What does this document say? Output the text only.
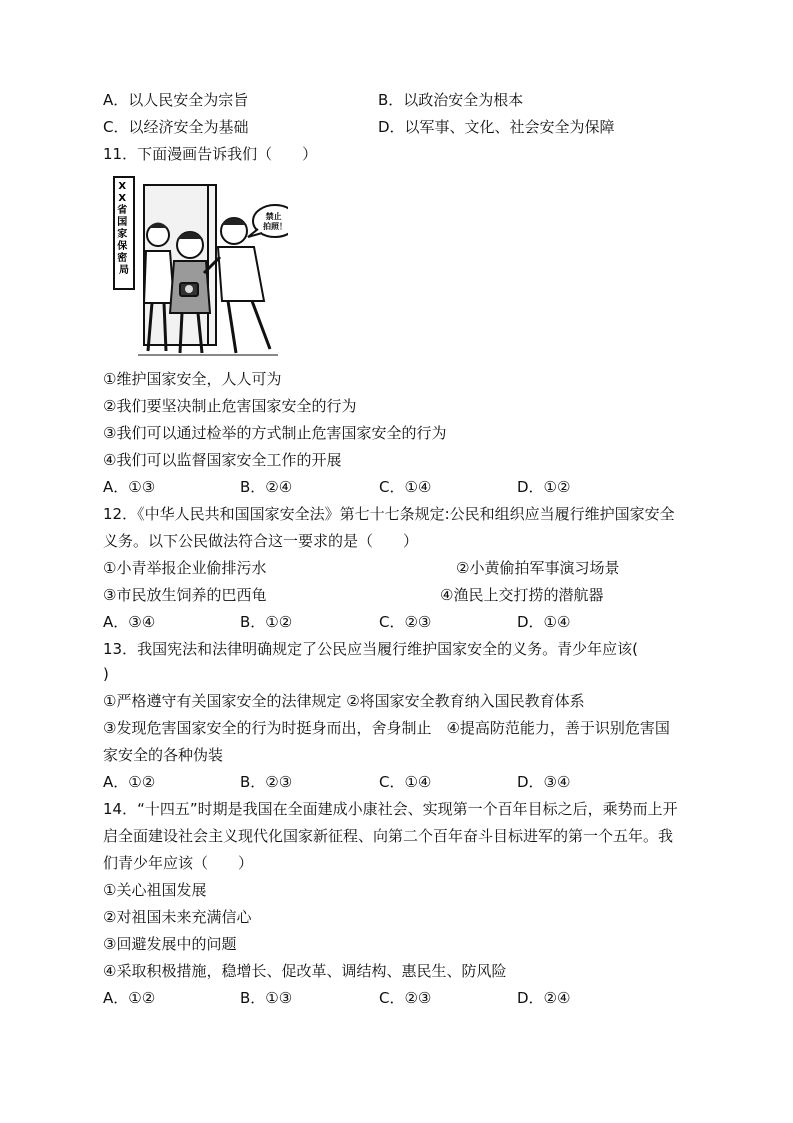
A．以人民安全为宗旨	B．以政治安全为根本
C．以经济安全为基础	D．以军事、文化、社会安全为保障
11．下面漫画告诉我们（　　）
X X 省 国 家 保 密 局
禁止 拍照！
①维护国家安全，人人可为
②我们要坚决制止危害国家安全的行为
③我们可以通过检举的方式制止危害国家安全的行为
④我们可以监督国家安全工作的开展
A．①③	B．②④	C．①④	D．①②
12．《中华人民共和国国家安全法》第七十七条规定:公民和组织应当履行维护国家安全
义务。以下公民做法符合这一要求的是（　　）
①小青举报企业偷排污水	②小黄偷拍军事演习场景
③市民放生饲养的巴西龟	④渔民上交打捞的潜航器
A．③④	B．①②	C．②③	D．①④
13．我国宪法和法律明确规定了公民应当履行维护国家安全的义务。青少年应该(
)
①严格遵守有关国家安全的法律规定 ②将国家安全教育纳入国民教育体系
③发现危害国家安全的行为时挺身而出，舍身制止　④提高防范能力，善于识别危害国
家安全的各种伪装
A．①②	B．②③	C．①④	D．③④
14．“十四五”时期是我国在全面建成小康社会、实现第一个百年目标之后，乘势而上开
启全面建设社会主义现代化国家新征程、向第二个百年奋斗目标进军的第一个五年。我
们青少年应该（　　）
①关心祖国发展
②对祖国未来充满信心
③回避发展中的问题
④采取积极措施，稳增长、促改革、调结构、惠民生、防风险
A．①②	B．①③	C．②③	D．②④
